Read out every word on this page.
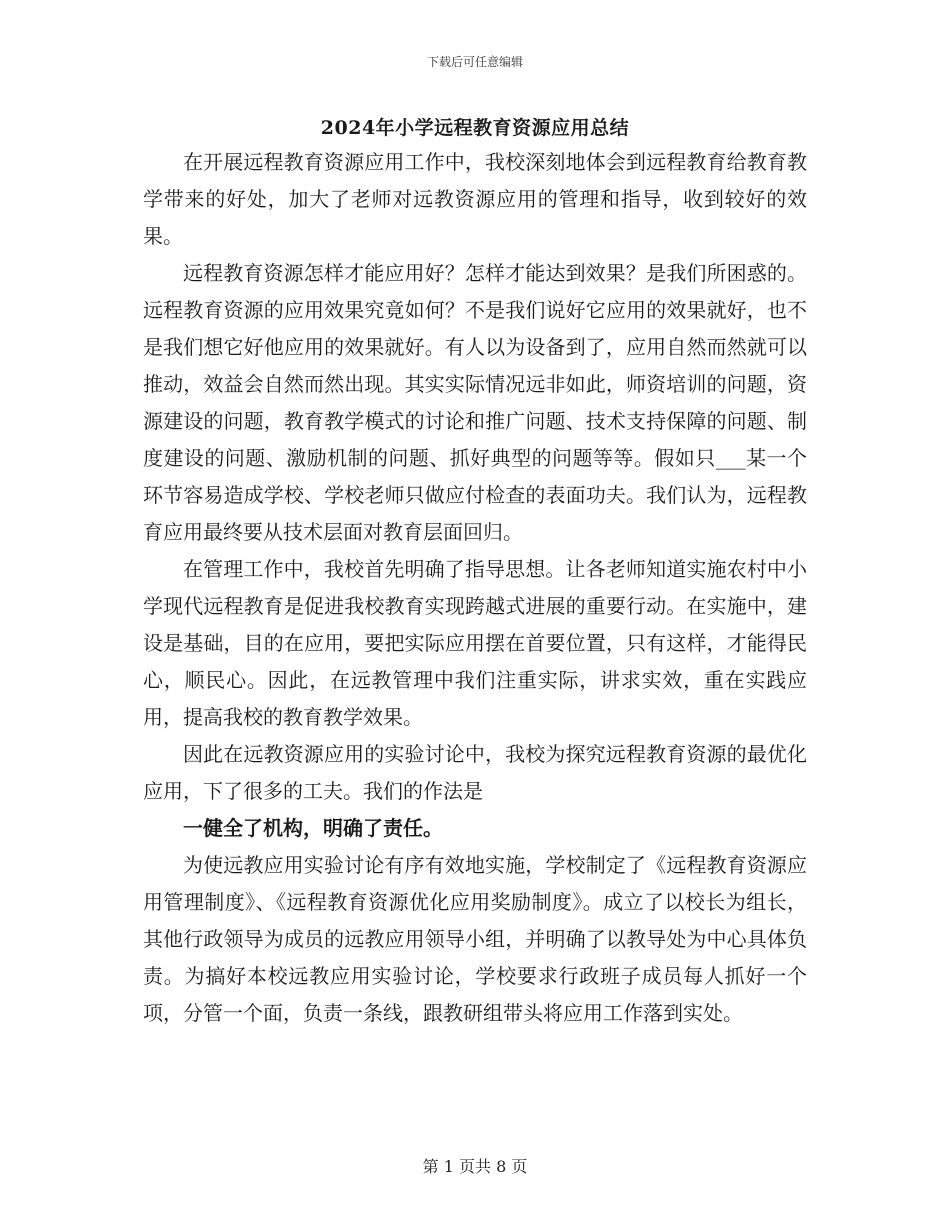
下载后可任意编辑
2024年小学远程教育资源应用总结

在开展远程教育资源应用工作中，我校深刻地体会到远程教育给教育教学带来的好处，加大了老师对远教资源应用的管理和指导，收到较好的效果。

远程教育资源怎样才能应用好？怎样才能达到效果？是我们所困惑的。远程教育资源的应用效果究竟如何？不是我们说好它应用的效果就好，也不是我们想它好他应用的效果就好。有人以为设备到了，应用自然而然就可以推动，效益会自然而然出现。其实实际情况远非如此，师资培训的问题，资源建设的问题，教育教学模式的讨论和推广问题、技术支持保障的问题、制度建设的问题、激励机制的问题、抓好典型的问题等等。假如只___某一个环节容易造成学校、学校老师只做应付检查的表面功夫。我们认为，远程教育应用最终要从技术层面对教育层面回归。

在管理工作中，我校首先明确了指导思想。让各老师知道实施农村中小学现代远程教育是促进我校教育实现跨越式进展的重要行动。在实施中，建设是基础，目的在应用，要把实际应用摆在首要位置，只有这样，才能得民心，顺民心。因此，在远教管理中我们注重实际，讲求实效，重在实践应用，提高我校的教育教学效果。

因此在远教资源应用的实验讨论中，我校为探究远程教育资源的最优化应用，下了很多的工夫。我们的作法是

一健全了机构，明确了责任。

为使远教应用实验讨论有序有效地实施，学校制定了《远程教育资源应用管理制度》、《远程教育资源优化应用奖励制度》。成立了以校长为组长，其他行政领导为成员的远教应用领导小组，并明确了以教导处为中心具体负责。为搞好本校远教应用实验讨论，学校要求行政班子成员每人抓好一个项，分管一个面，负责一条线，跟教研组带头将应用工作落到实处。

第 1 页共 8 页
